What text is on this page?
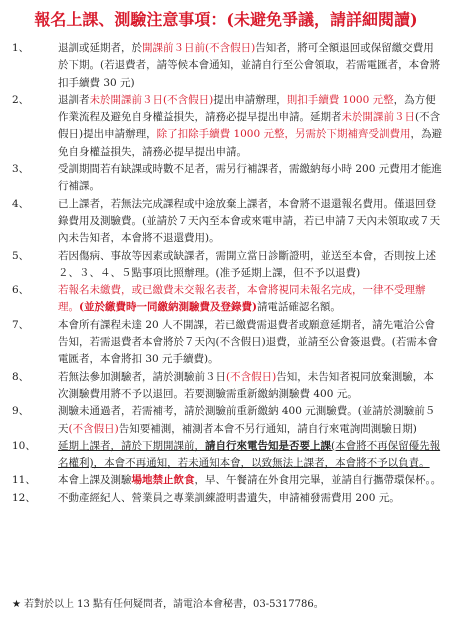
報名上課、測驗注意事項：(未避免爭議，請詳細閱讀)
1、	退訓或延期者，於開課前３日前(不含假日)告知者，將可全額退回或保留繳交費用於下期。(若退費者，請等候本會通知，並請自行至公會領取，若需電匯者，本會將扣手續費 30 元)
2、	退訓者未於開課前３日(不含假日)提出申請辦理，則扣手續費 1000 元整，為方便作業流程及避免自身權益損失，請務必提早提出申請。延期者未於開課前３日(不含假日)提出申請辦理，除了扣除手續費 1000 元整，另需於下期補齊受訓費用，為避免自身權益損失，請務必提早提出申請。
3、	受訓期間若有缺課或時數不足者，需另行補課者，需繳納每小時 200 元費用才能進行補課。
4、	已上課者，若無法完成課程或中途放棄上課者，本會將不退還報名費用。僅退回登錄費用及測驗費。(並請於７天內至本會或來電申請，若已申請７天內未領取或７天內未告知者，本會將不退還費用)。
5、	若因傷病、事故等因素或缺課者，需開立當日診斷證明，並送至本會，否則按上述２、３、４、５點事項比照辦理。(准予延期上課，但不予以退費)
6、	若報名未繳費，或已繳費未交報名表者，本會將視同未報名完成，一律不受理辦理。(並於繳費時一同繳納測驗費及登錄費)請電話確認名額。
7、	本會所有課程未達 20 人不開課，若已繳費需退費者或願意延期者，請先電洽公會告知，若需退費者本會將於７天內(不含假日)退費，並請至公會簽退費。(若需本會電匯者，本會將扣 30 元手續費)。
8、	若無法參加測驗者，請於測驗前３日(不含假日)告知，未告知者視同放棄測驗，本次測驗費用將不予以退回。若要測驗需重新繳納測驗費 400 元。
9、	測驗未通過者，若需補考，請於測驗前重新繳納 400 元測驗費。(並請於測驗前５天(不含假日)告知要補測，補測者本會不另行通知，請自行來電詢問測驗日期)
10、	延期上課者，請於下期開課前，請自行來電告知是否要上課(本會將不再保留優先報名權利)，本會不再通知，若未通知本會，以致無法上課者，本會將不予以負責。
11、	本會上課及測驗場地禁止飲食，早、午餐請在外食用完畢，並請自行攜帶環保杯。。
12、	不動產經紀人、營業員之專業訓練證明書遺失，申請補發需費用 200 元。
★ 若對於以上 13 點有任何疑問者，請電洽本會秘書，03-5317786。
